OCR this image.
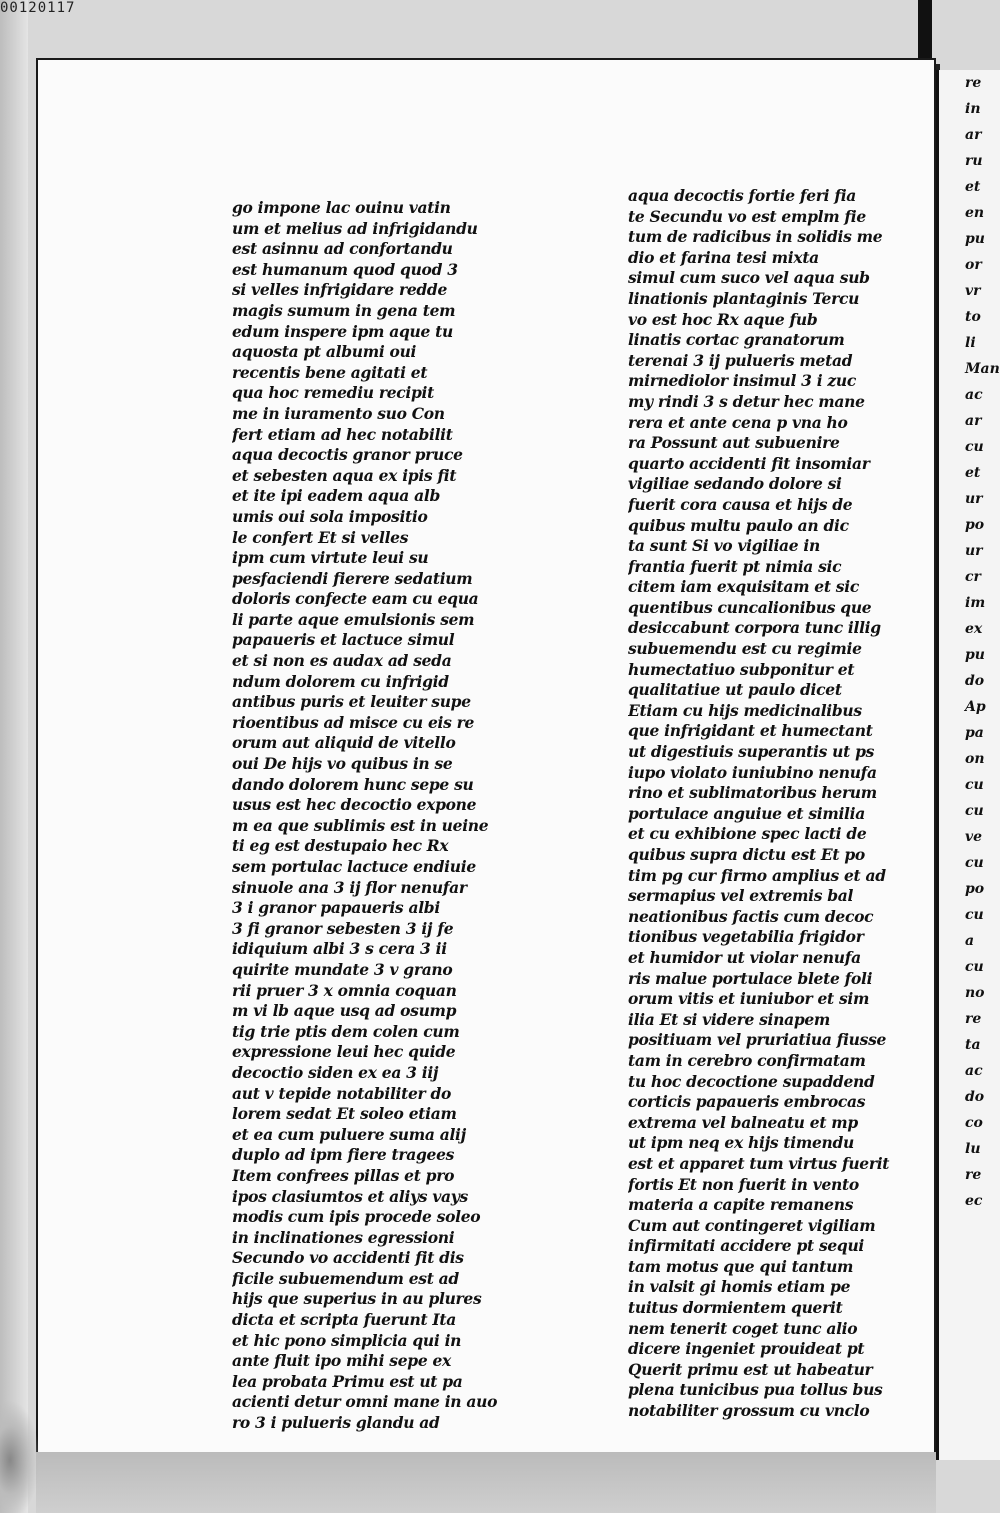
00120117
go impone lac ouinu vatin
um et melius ad infrigidandu
est asinnu ad confortandu
est humanum quod quod 3
si velles infrigidare redde
magis sumum in gena tem
edum inspere ipm aque tu
aquosta pt albumi oui
recentis bene agitati et
qua hoc remediu recipit
me in iuramento suo Con
fert etiam ad hec notabilit
aqua decoctis granor pruce
et sebesten aqua ex ipis fit
et ite ipi eadem aqua alb
umis oui sola impositio
le confert Et si velles
ipm cum virtute leui su
pesfaciendi fierere sedatium
doloris confecte eam cu equa
li parte aque emulsionis sem
papaueris et lactuce simul
et si non es audax ad seda
ndum dolorem cu infrigid
antibus puris et leuiter supe
rioentibus ad misce cu eis re
orum aut aliquid de vitello
oui De hijs vo quibus in se
dando dolorem hunc sepe su
usus est hec decoctio expone
m ea que sublimis est in ueine
ti eg est destupaio hec Rx
sem portulac lactuce endiuie
sinuole ana 3 ij flor nenufar
3 i granor papaueris albi
3 fi granor sebesten 3 ij fe
idiquium albi 3 s cera 3 ii
quirite mundate 3 v grano
rii pruer 3 x omnia coquan
m vi lb aque usq ad osump
tig trie ptis dem colen cum
expressione leui hec quide
decoctio siden ex ea 3 iij
aut v tepide notabiliter do
lorem sedat Et soleo etiam
et ea cum puluere suma alij
duplo ad ipm fiere tragees
Item confrees pillas et pro
ipos clasiumtos et aliys vays
modis cum ipis procede soleo
in inclinationes egressioni
Secundo vo accidenti fit dis
ficile subuemendum est ad
hijs que superius in au plures
dicta et scripta fuerunt Ita
et hic pono simplicia qui in
ante fluit ipo mihi sepe ex
lea probata Primu est ut pa
acienti detur omni mane in auo
ro 3 i pulueris glandu ad
aqua decoctis fortie feri fia
te Secundu vo est emplm fie
tum de radicibus in solidis me
dio et farina tesi mixta
simul cum suco vel aqua sub
linationis plantaginis Tercu
vo est hoc Rx aque fub
linatis cortac granatorum
terenai 3 ij pulueris metad
mirnediolor insimul 3 i zuc
my rindi 3 s detur hec mane
rera et ante cena p vna ho
ra Possunt aut subuenire
quarto accidenti fit insomiar
vigiliae sedando dolore si
fuerit cora causa et hijs de
quibus multu paulo an dic
ta sunt Si vo vigiliae in
frantia fuerit pt nimia sic
citem iam exquisitam et sic
quentibus cuncalionibus que
desiccabunt corpora tunc illig
subuemendu est cu regimie
humectatiuo subponitur et
qualitatiue ut paulo dicet
Etiam cu hijs medicinalibus
que infrigidant et humectant
ut digestiuis superantis ut ps
iupo violato iuniubino nenufa
rino et sublimatoribus herum
portulace anguiue et similia
et cu exhibione spec lacti de
quibus supra dictu est Et po
tim pg cur firmo amplius et ad
sermapius vel extremis bal
neationibus factis cum decoc
tionibus vegetabilia frigidor
et humidor ut violar nenufa
ris malue portulace blete foli
orum vitis et iuniubor et sim
ilia Et si videre sinapem
positiuam vel pruriatiua fiusse
tam in cerebro confirmatam
tu hoc decoctione supaddend
corticis papaueris embrocas
extrema vel balneatu et mp
ut ipm neq ex hijs timendu
est et apparet tum virtus fuerit
fortis Et non fuerit in vento
materia a capite remanens
Cum aut contingeret vigiliam
infirmitati accidere pt sequi
tam motus que qui tantum
in valsit gi homis etiam pe
tuitus dormientem querit
nem tenerit coget tunc alio
dicere ingeniet prouideat pt
Querit primu est ut habeatur
plena tunicibus pua tollus bus
notabiliter grossum cu vnclo
re
in
ar
ru
et
en
pu
or
vr
to
li
Man
ac
ar
cu
et
ur
po
ur
cr
im
ex
pu
do
Ap
pa
on
cu
cu
ve
cu
po
cu
a
cu
no
re
ta
ac
do
co
lu
re
ec
